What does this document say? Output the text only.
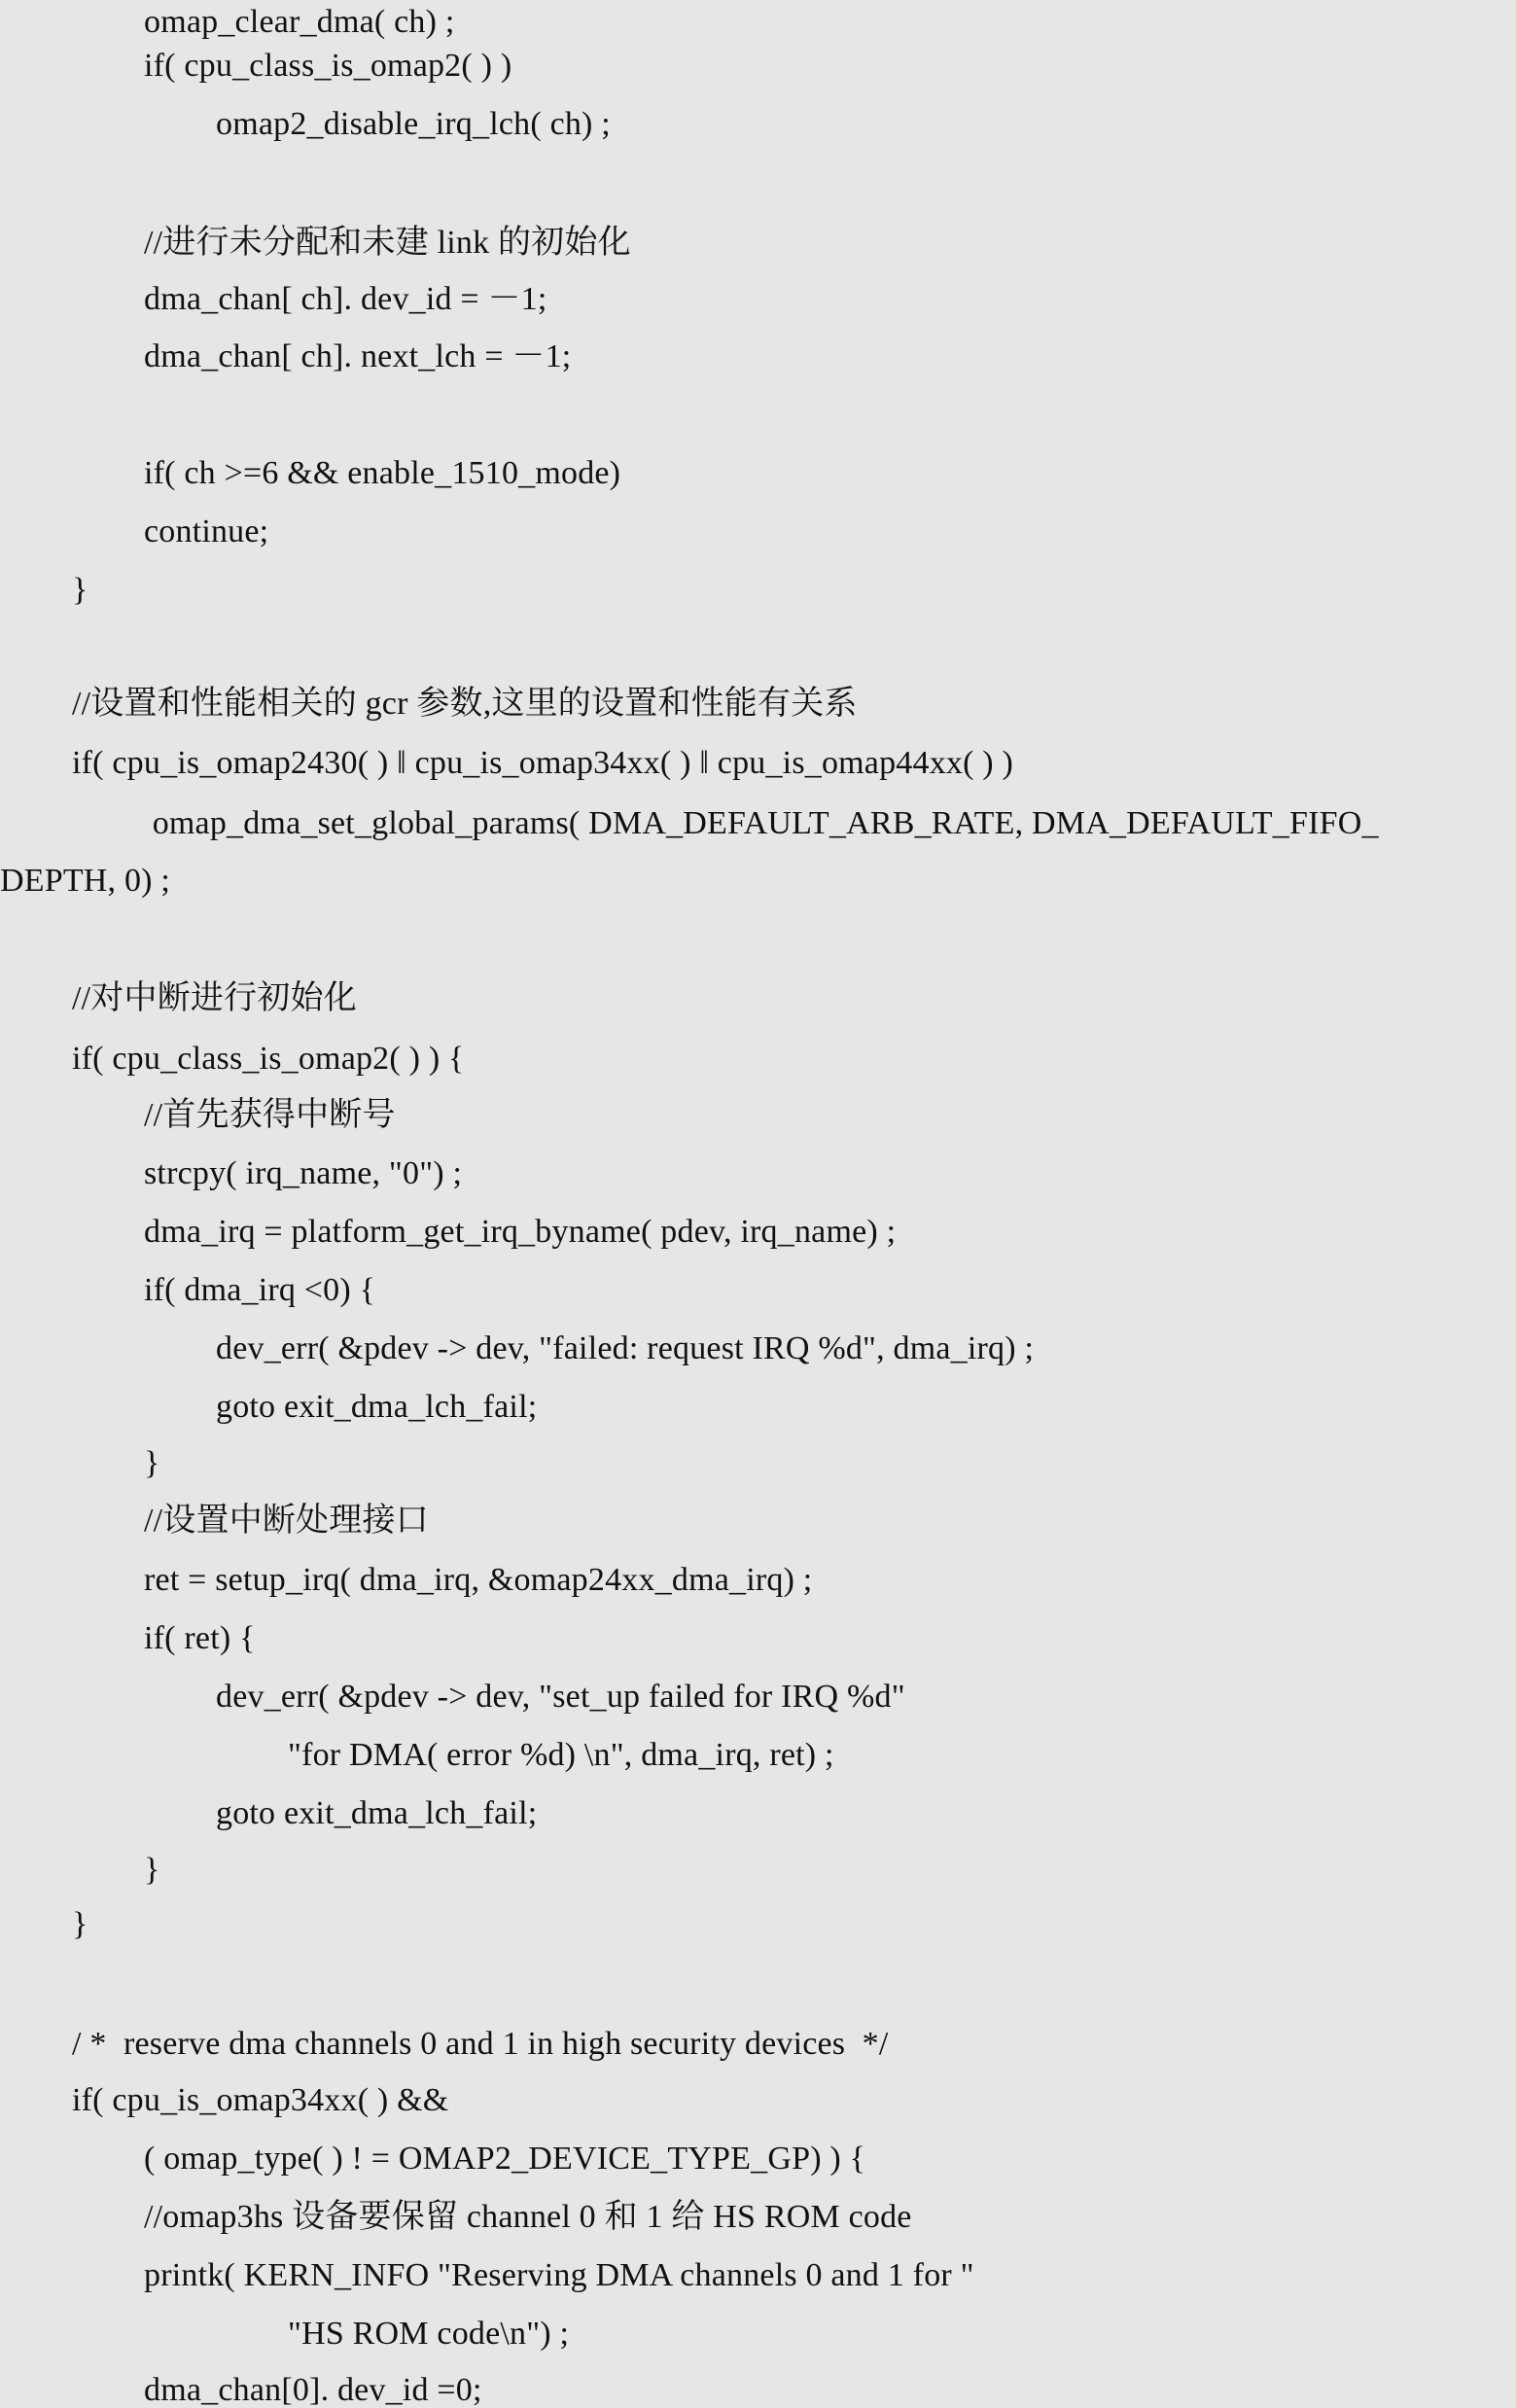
omap_clear_dma( ch) ;
if( cpu_class_is_omap2( ) )
omap2_disable_irq_lch( ch) ;
//进行未分配和未建 link 的初始化
dma_chan[ ch]. dev_id = －1;
dma_chan[ ch]. next_lch = －1;
if( ch >=6 && enable_1510_mode)
continue;
}
//设置和性能相关的 gcr 参数,这里的设置和性能有关系
if( cpu_is_omap2430( ) ‖ cpu_is_omap34xx( ) ‖ cpu_is_omap44xx( ) )
omap_dma_set_global_params( DMA_DEFAULT_ARB_RATE, DMA_DEFAULT_FIFO_
DEPTH, 0) ;
//对中断进行初始化
if( cpu_class_is_omap2( ) ) {
//首先获得中断号
strcpy( irq_name, "0") ;
dma_irq = platform_get_irq_byname( pdev, irq_name) ;
if( dma_irq <0) {
dev_err( &pdev -> dev, "failed: request IRQ %d", dma_irq) ;
goto exit_dma_lch_fail;
}
//设置中断处理接口
ret = setup_irq( dma_irq, &omap24xx_dma_irq) ;
if( ret) {
dev_err( &pdev -> dev, "set_up failed for IRQ %d"
"for DMA( error %d) \n", dma_irq, ret) ;
goto exit_dma_lch_fail;
}
}
/ *  reserve dma channels 0 and 1 in high security devices  */
if( cpu_is_omap34xx( ) &&
( omap_type( ) ! = OMAP2_DEVICE_TYPE_GP) ) {
//omap3hs 设备要保留 channel 0 和 1 给 HS ROM code
printk( KERN_INFO "Reserving DMA channels 0 and 1 for "
"HS ROM code\n") ;
dma_chan[0]. dev_id =0;
